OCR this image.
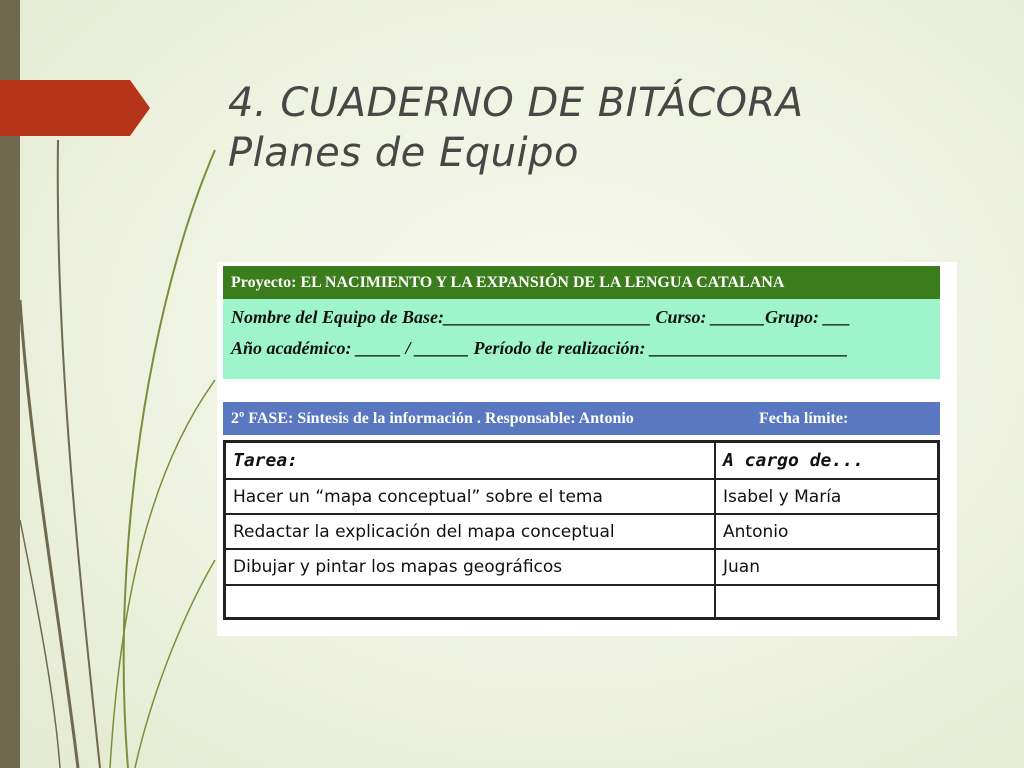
4. CUADERNO DE BITÁCORA
Planes de Equipo
Proyecto: EL NACIMIENTO Y LA EXPANSIÓN DE LA LENGUA CATALANA
Nombre del Equipo de Base:_______________________ Curso: ______Grupo: ___
Año académico: _____ / ______ Período de realización: ______________________
2º FASE: Síntesis de la información . Responsable: Antonio	Fecha límite:
Tarea:	A cargo de...
Hacer un “mapa conceptual” sobre el tema	Isabel y María
Redactar la explicación del mapa conceptual	Antonio
Dibujar y pintar los mapas geográficos	Juan
